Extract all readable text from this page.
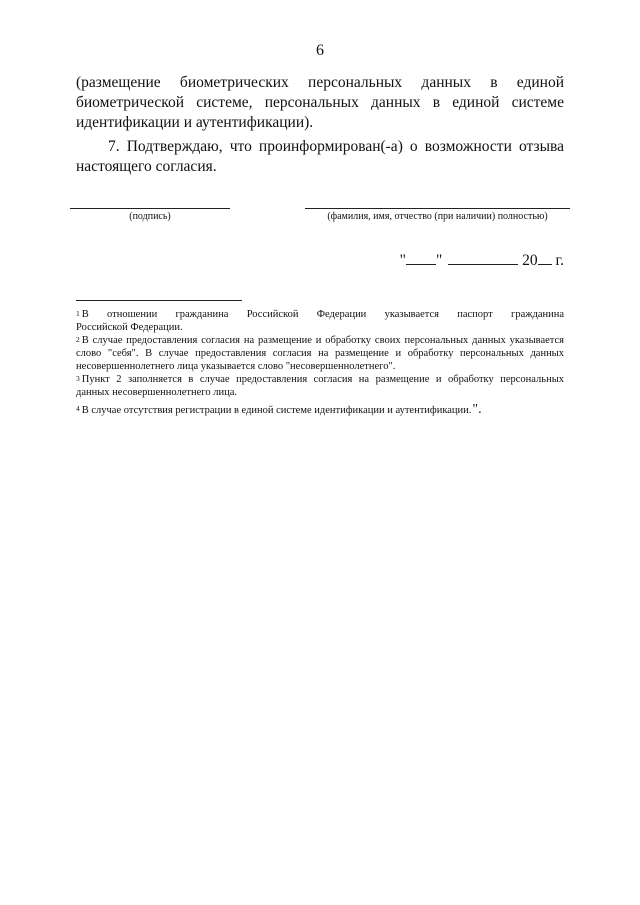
6
(размещение биометрических персональных данных в единой
биометрической системе, персональных данных в единой системе
идентификации и аутентификации).
7. Подтверждаю, что проинформирован(-а) о возможности отзыва
настоящего согласия.
(подпись)	(фамилия, имя, отчество (при наличии) полностью)
" "	20 г.
$^1$ В отношении гражданина Российской Федерации указывается паспорт гражданина
Российской Федерации.
$^2$ В случае предоставления согласия на размещение и обработку своих персональных данных указывается
слово "себя". В случае предоставления согласия на размещение и обработку персональных данных
несовершеннолетнего лица указывается слово "несовершеннолетнего".
$^3$ Пункт 2 заполняется в случае предоставления согласия на размещение и обработку персональных
данных несовершеннолетнего лица.
$^4$ В случае отсутствия регистрации в единой системе идентификации и аутентификации.".
